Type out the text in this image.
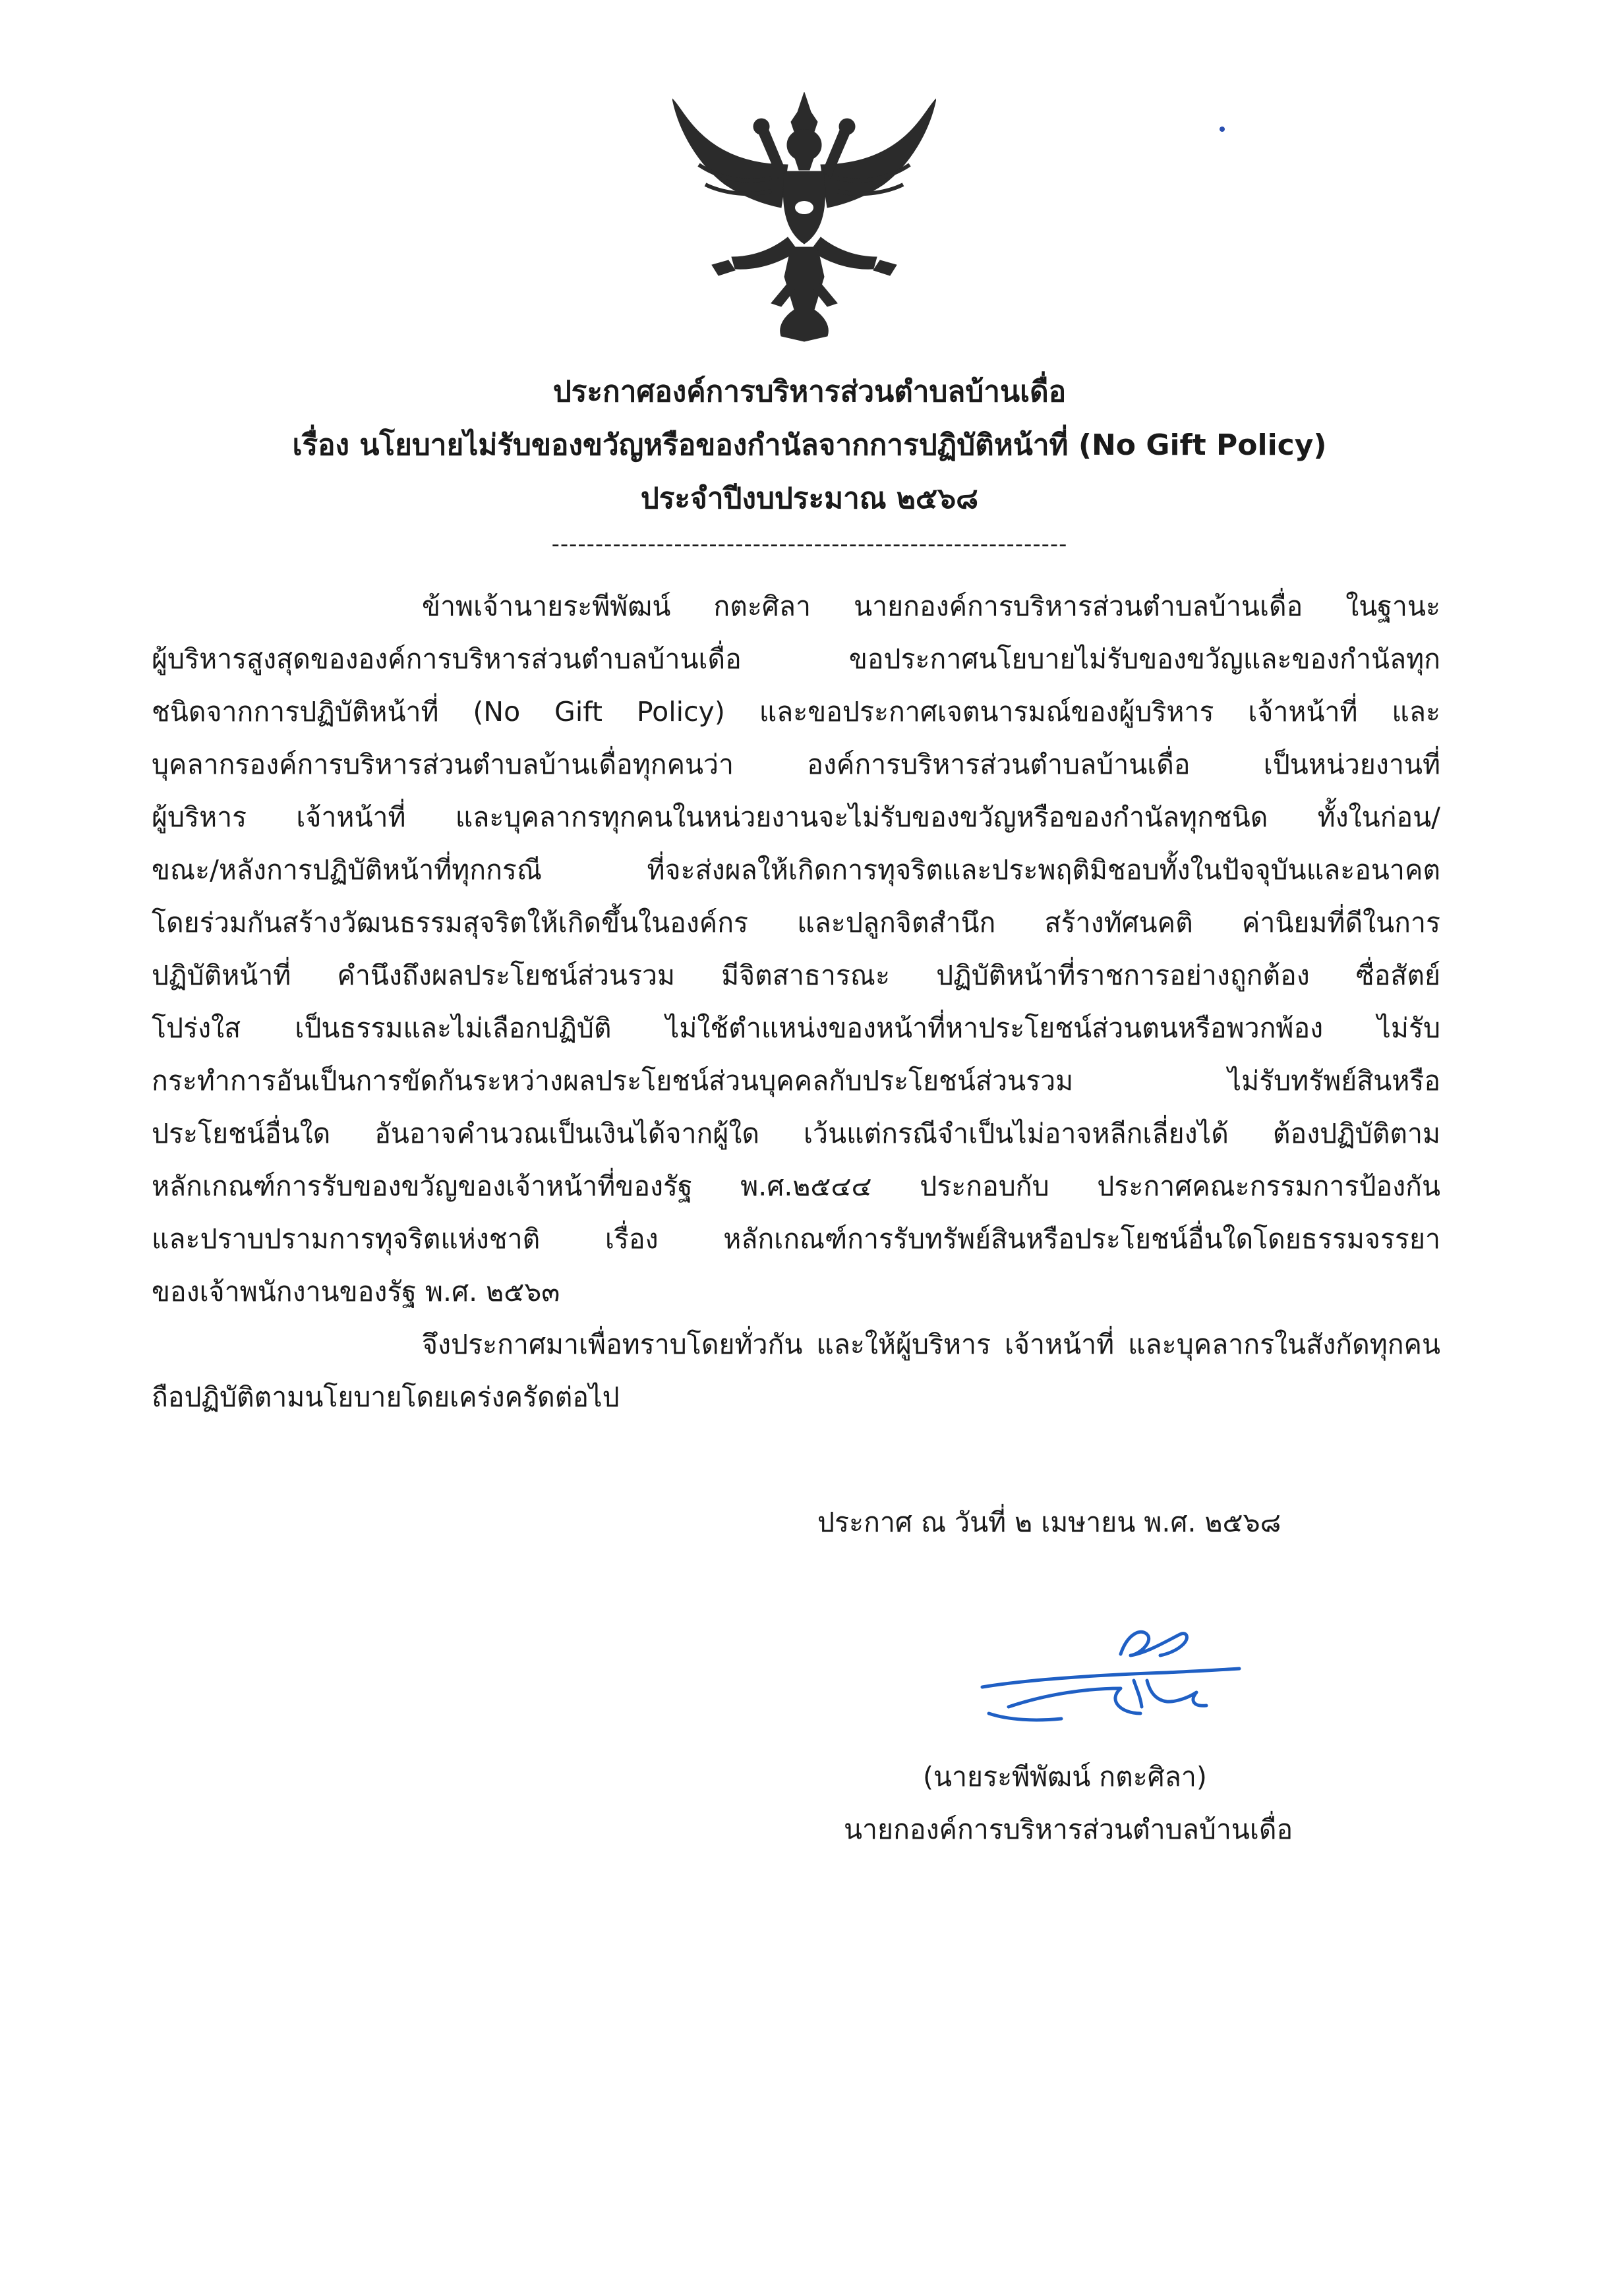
ประกาศองค์การบริหารส่วนตำบลบ้านเดื่อ
เรื่อง นโยบายไม่รับของขวัญหรือของกำนัลจากการปฏิบัติหน้าที่ (No Gift Policy)
ประจำปีงบประมาณ ๒๕๖๘
-----------------------------------------------------------
ข้าพเจ้านายระพีพัฒน์ กตะศิลา นายกองค์การบริหารส่วนตำบลบ้านเดื่อ ในฐานะ
ผู้บริหารสูงสุดขององค์การบริหารส่วนตำบลบ้านเดื่อ ขอประกาศนโยบายไม่รับของขวัญและของกำนัลทุก
ชนิดจากการปฏิบัติหน้าที่ (No Gift Policy) และขอประกาศเจตนารมณ์ของผู้บริหาร เจ้าหน้าที่ และ
บุคลากรองค์การบริหารส่วนตำบลบ้านเดื่อทุกคนว่า องค์การบริหารส่วนตำบลบ้านเดื่อ เป็นหน่วยงานที่
ผู้บริหาร เจ้าหน้าที่ และบุคลากรทุกคนในหน่วยงานจะไม่รับของขวัญหรือของกำนัลทุกชนิด ทั้งในก่อน/
ขณะ/หลังการปฏิบัติหน้าที่ทุกกรณี ที่จะส่งผลให้เกิดการทุจริตและประพฤติมิชอบทั้งในปัจจุบันและอนาคต
โดยร่วมกันสร้างวัฒนธรรมสุจริตให้เกิดขึ้นในองค์กร และปลูกจิตสำนึก สร้างทัศนคติ ค่านิยมที่ดีในการ
ปฏิบัติหน้าที่ คำนึงถึงผลประโยชน์ส่วนรวม มีจิตสาธารณะ ปฏิบัติหน้าที่ราชการอย่างถูกต้อง ซื่อสัตย์
โปร่งใส เป็นธรรมและไม่เลือกปฏิบัติ ไม่ใช้ตำแหน่งของหน้าที่หาประโยชน์ส่วนตนหรือพวกพ้อง ไม่รับ
กระทำการอันเป็นการขัดกันระหว่างผลประโยชน์ส่วนบุคคลกับประโยชน์ส่วนรวม ไม่รับทรัพย์สินหรือ
ประโยชน์อื่นใด อันอาจคำนวณเป็นเงินได้จากผู้ใด เว้นแต่กรณีจำเป็นไม่อาจหลีกเลี่ยงได้ ต้องปฏิบัติตาม
หลักเกณฑ์การรับของขวัญของเจ้าหน้าที่ของรัฐ พ.ศ.๒๕๔๔ ประกอบกับ ประกาศคณะกรรมการป้องกัน
และปราบปรามการทุจริตแห่งชาติ เรื่อง หลักเกณฑ์การรับทรัพย์สินหรือประโยชน์อื่นใดโดยธรรมจรรยา
ของเจ้าพนักงานของรัฐ พ.ศ. ๒๕๖๓
จึงประกาศมาเพื่อทราบโดยทั่วกัน และให้ผู้บริหาร เจ้าหน้าที่ และบุคลากรในสังกัดทุกคน
ถือปฏิบัติตามนโยบายโดยเคร่งครัดต่อไป
ประกาศ ณ วันที่ ๒ เมษายน พ.ศ. ๒๕๖๘
(นายระพีพัฒน์ กตะศิลา)
นายกองค์การบริหารส่วนตำบลบ้านเดื่อ
